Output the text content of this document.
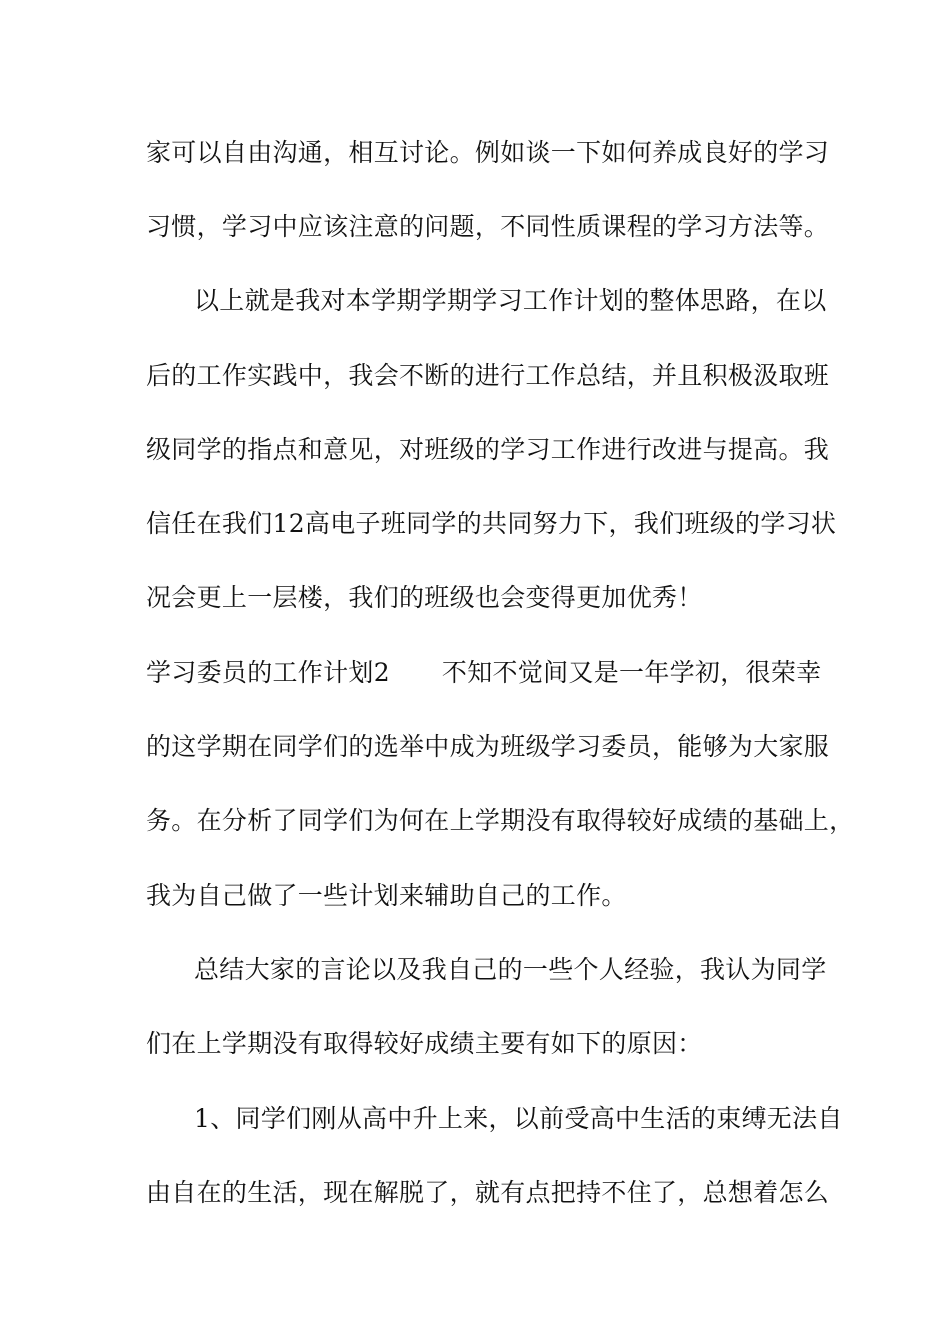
家可以自由沟通，相互讨论。例如谈一下如何养成良好的学习
习惯，学习中应该注意的问题，不同性质课程的学习方法等。
以上就是我对本学期学期学习工作计划的整体思路，在以
后的工作实践中，我会不断的进行工作总结，并且积极汲取班
级同学的指点和意见，对班级的学习工作进行改进与提高。我
信任在我们12高电子班同学的共同努力下，我们班级的学习状
况会更上一层楼，我们的班级也会变得更加优秀！
学习委员的工作计划2 不知不觉间又是一年学初，很荣幸
的这学期在同学们的选举中成为班级学习委员，能够为大家服
务。在分析了同学们为何在上学期没有取得较好成绩的基础上，
我为自己做了一些计划来辅助自己的工作。
总结大家的言论以及我自己的一些个人经验，我认为同学
们在上学期没有取得较好成绩主要有如下的原因：
1、同学们刚从高中升上来，以前受高中生活的束缚无法自
由自在的生活，现在解脱了，就有点把持不住了，总想着怎么
